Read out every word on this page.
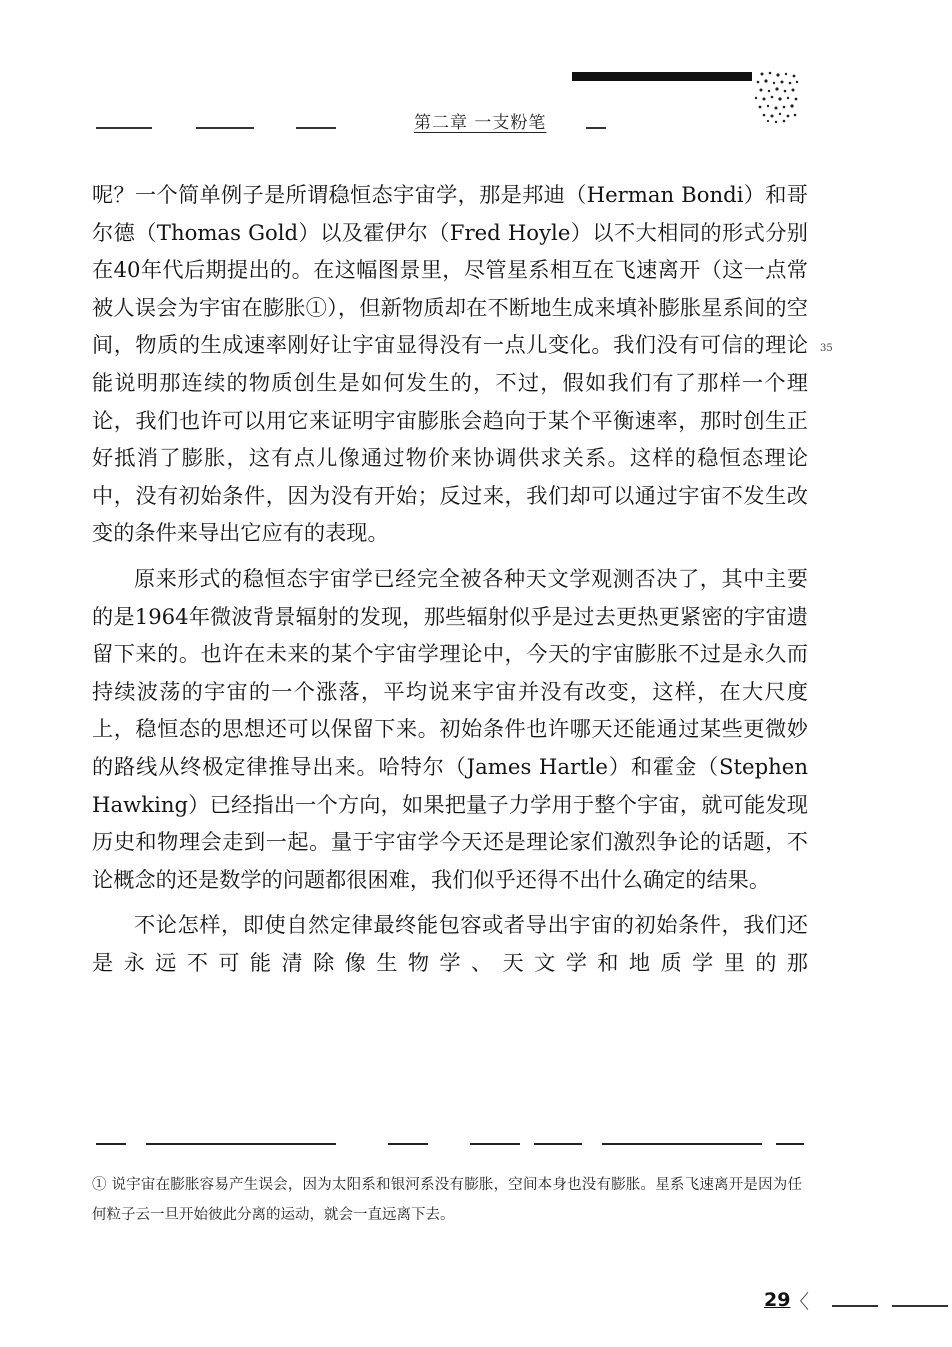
第二章 一支粉笔
35

呢？一个简单例子是所谓稳恒态宇宙学，那是邦迪（Herman Bondi）和哥尔德（Thomas Gold）以及霍伊尔（Fred Hoyle）以不大相同的形式分别在40年代后期提出的。在这幅图景里，尽管星系相互在飞速离开（这一点常被人误会为宇宙在膨胀①），但新物质却在不断地生成来填补膨胀星系间的空间，物质的生成速率刚好让宇宙显得没有一点儿变化。我们没有可信的理论能说明那连续的物质创生是如何发生的，不过，假如我们有了那样一个理论，我们也许可以用它来证明宇宙膨胀会趋向于某个平衡速率，那时创生正好抵消了膨胀，这有点儿像通过物价来协调供求关系。这样的稳恒态理论中，没有初始条件，因为没有开始；反过来，我们却可以通过宇宙不发生改变的条件来导出它应有的表现。

原来形式的稳恒态宇宙学已经完全被各种天文学观测否决了，其中主要的是1964年微波背景辐射的发现，那些辐射似乎是过去更热更紧密的宇宙遗留下来的。也许在未来的某个宇宙学理论中，今天的宇宙膨胀不过是永久而持续波荡的宇宙的一个涨落，平均说来宇宙并没有改变，这样，在大尺度上，稳恒态的思想还可以保留下来。初始条件也许哪天还能通过某些更微妙的路线从终极定律推导出来。哈特尔（James Hartle）和霍金（Stephen Hawking）已经指出一个方向，如果把量子力学用于整个宇宙，就可能发现历史和物理会走到一起。量于宇宙学今天还是理论家们激烈争论的话题，不论概念的还是数学的问题都很困难，我们似乎还得不出什么确定的结果。

不论怎样，即使自然定律最终能包容或者导出宇宙的初始条件，我们还是永远不可能清除像生物学、天文学和地质学里的那

① 说宇宙在膨胀容易产生误会，因为太阳系和银河系没有膨胀，空间本身也没有膨胀。星系飞速离开是因为任何粒子云一旦开始彼此分离的运动，就会一直远离下去。

29 〈
